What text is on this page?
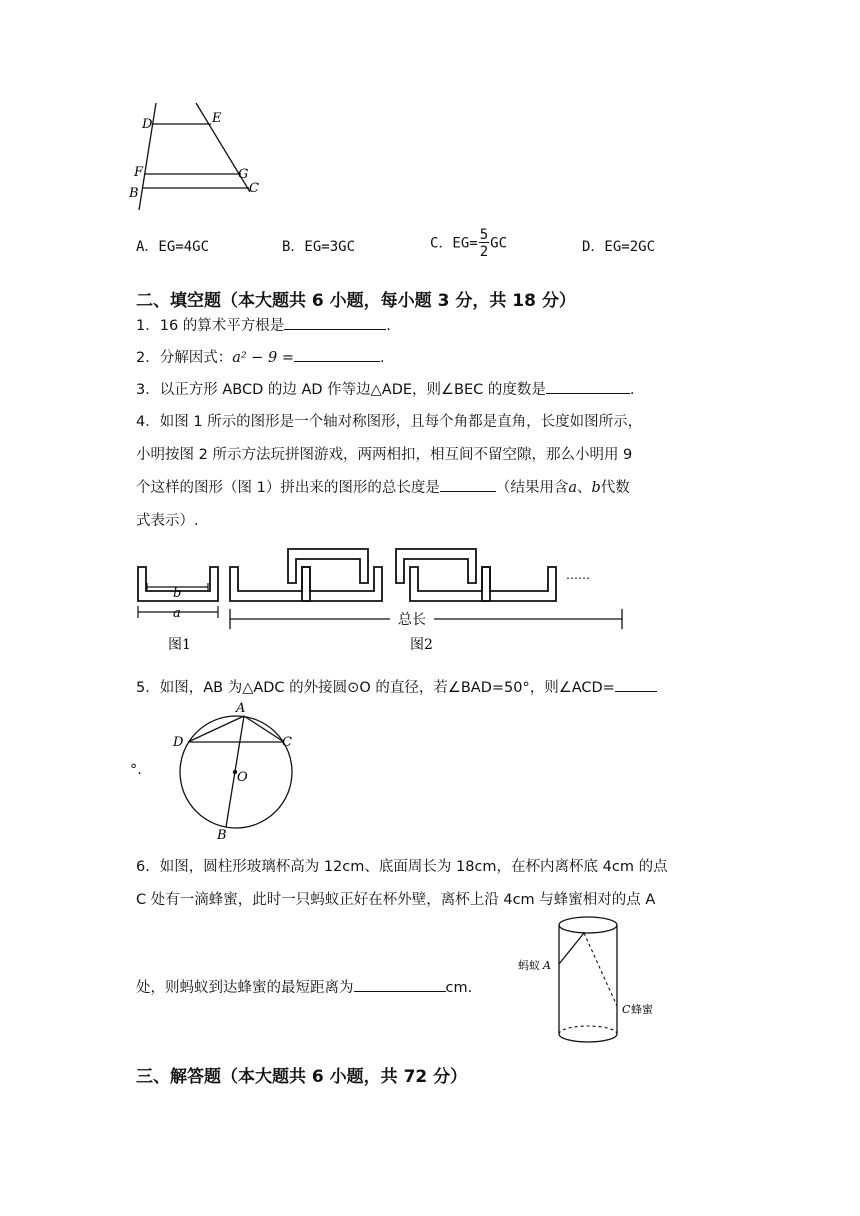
D	E
F	G
B	C
A．EG=4GC	B．EG=3GC	C．$EG= \frac{5}{2}$ GC	D．EG=2GC
二、填空题（本大题共 6 小题，每小题 3 分，共 18 分）
1．16 的算术平方根是	.
2．分解因式：a² − 9 =	.
3．以正方形 ABCD 的边 AD 作等边△ADE，则∠BEC 的度数是	.
4．如图 1 所示的图形是一个轴对称图形，且每个角都是直角，长度如图所示，
小明按图 2 所示方法玩拼图游戏，两两相扣，相互间不留空隙，那么小明用 9
个这样的图形（图 1）拼出来的图形的总长度是	（结果用含a、b代数
式表示）.
b
a
图1
……
总长
图2
5．如图，AB 为△ADC 的外接圆⊙O 的直径，若∠BAD=50°，则∠ACD=
A
D	C
O
B
°.
6．如图，圆柱形玻璃杯高为 12cm、底面周长为 18cm，在杯内离杯底 4cm 的点
C 处有一滴蜂蜜，此时一只蚂蚁正好在杯外壁，离杯上沿 4cm 与蜂蜜相对的点 A
处，则蚂蚁到达蜂蜜的最短距离为	cm.
蚂蚁 A
C 蜂蜜
三、解答题（本大题共 6 小题，共 72 分）
